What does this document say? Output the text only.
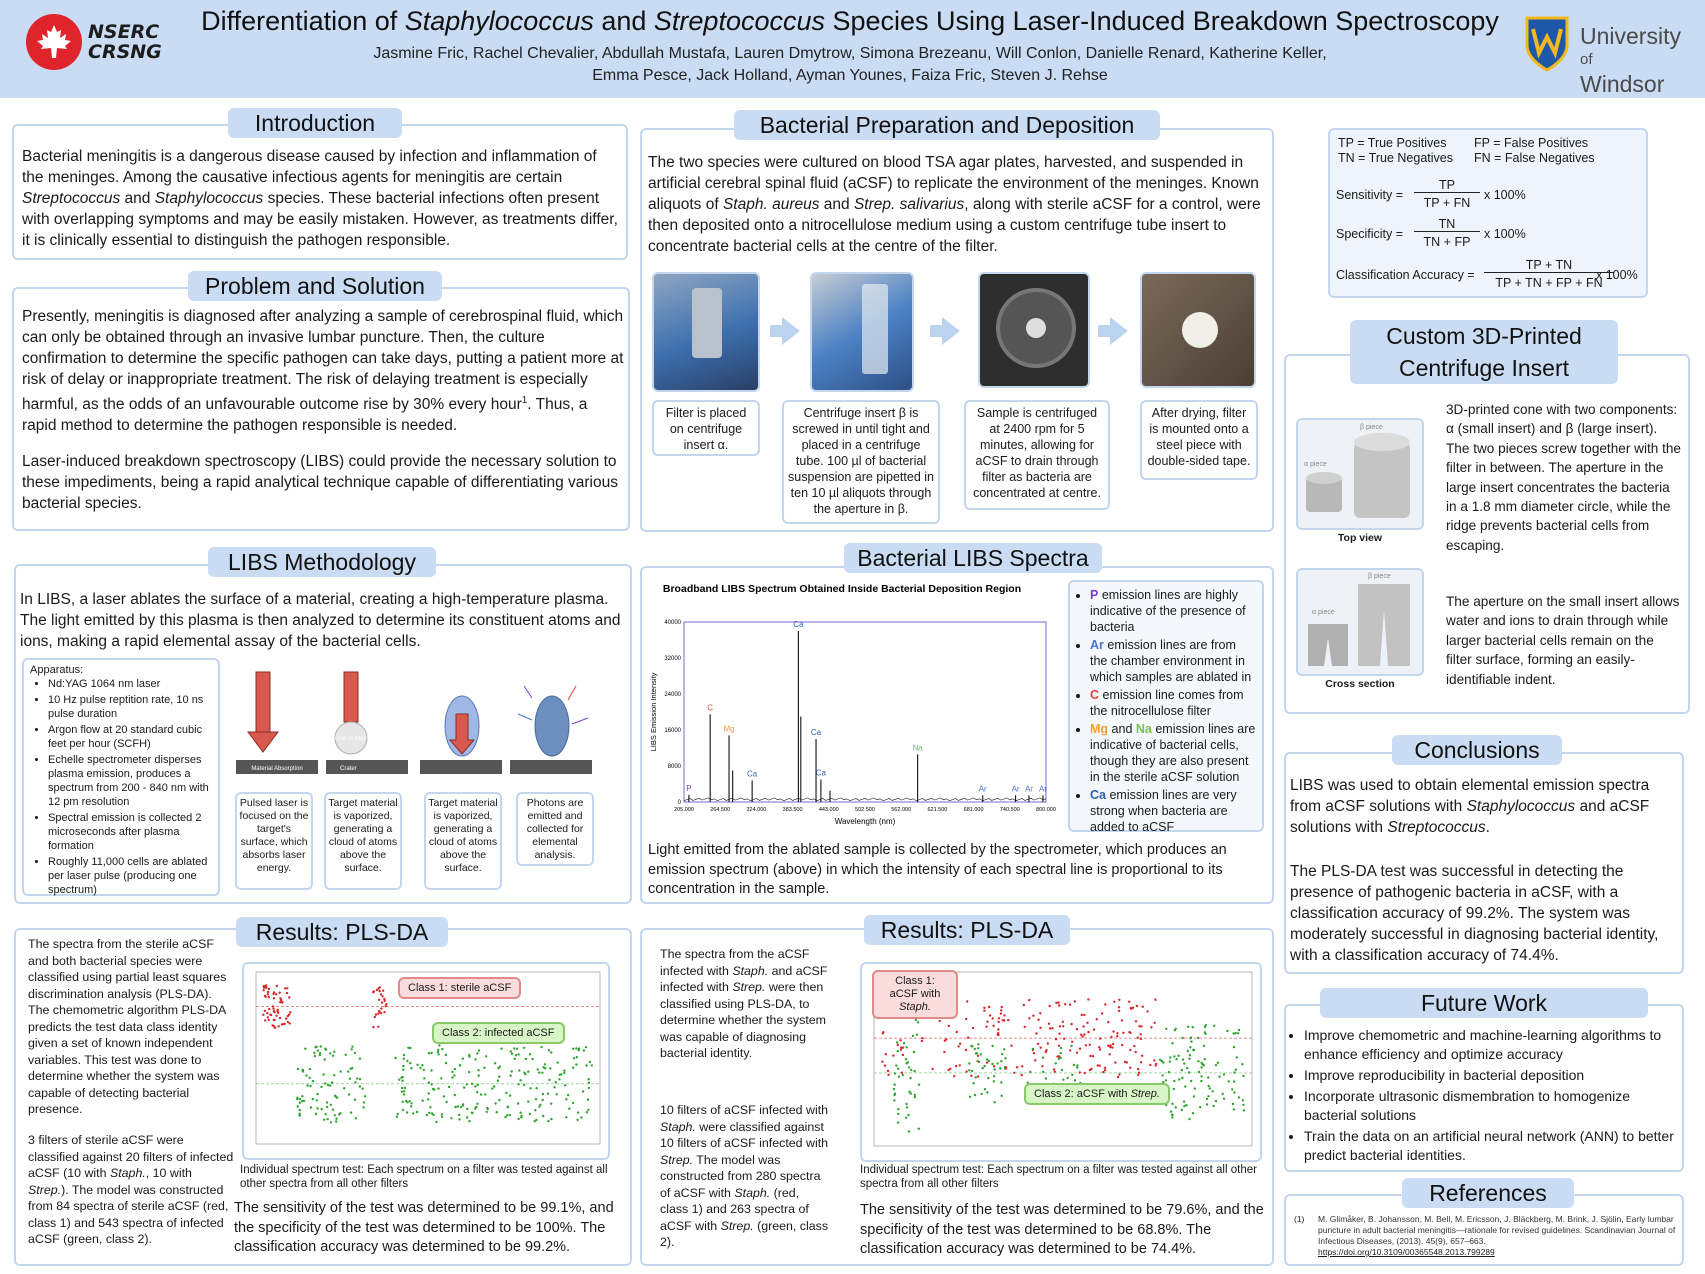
NSERC
CRSNG
Differentiation of Staphylococcus and Streptococcus Species Using Laser-Induced Breakdown Spectroscopy
Jasmine Fric, Rachel Chevalier, Abdullah Mustafa, Lauren Dmytrow, Simona Brezeanu, Will Conlon, Danielle Renard, Katherine Keller,
Emma Pesce, Jack Holland, Ayman Younes, Faiza Fric, Steven J. Rehse
University
of
Windsor
Introduction
Bacterial meningitis is a dangerous disease caused by infection and inflammation of the meninges. Among the causative infectious agents for meningitis are certain Streptococcus and Staphylococcus species. These bacterial infections often present with overlapping symptoms and may be easily mistaken. However, as treatments differ, it is clinically essential to distinguish the pathogen responsible.
Problem and Solution
Presently, meningitis is diagnosed after analyzing a sample of cerebrospinal fluid, which can only be obtained through an invasive lumbar puncture. Then, the culture confirmation to determine the specific pathogen can take days, putting a patient more at risk of delay or inappropriate treatment. The risk of delaying treatment is especially harmful, as the odds of an unfavourable outcome rise by 30% every hour$^1$. Thus, a rapid method to determine the pathogen responsible is needed.
Laser-induced breakdown spectroscopy (LIBS) could provide the necessary solution to these impediments, being a rapid analytical technique capable of differentiating various bacterial species.
LIBS Methodology
In LIBS, a laser ablates the surface of a material, creating a high-temperature plasma. The light emitted by this plasma is then analyzed to determine its constituent atoms and ions, making a rapid elemental assay of the bacterial cells.
Apparatus:
• Nd:YAG 1064 nm laser
• 10 Hz pulse reptition rate, 10 ns pulse duration
• Argon flow at 20 standard cubic feet per hour (SCFH)
• Echelle spectrometer disperses plasma emission, produces a spectrum from 200 - 840 nm with 12 pm resolution
• Spectral emission is collected 2 microseconds after plasma formation
• Roughly 11,000 cells are ablated per laser pulse (producing one spectrum)
Material Absorption
Cloud of Atoms
Crater
Pulsed laser is focused on the target's surface, which absorbs laser energy.
Target material is vaporized, generating a cloud of atoms above the surface.
Target material is vaporized, generating a cloud of atoms above the surface.
Photons are emitted and collected for elemental analysis.
Bacterial Preparation and Deposition
The two species were cultured on blood TSA agar plates, harvested, and suspended in artificial cerebral spinal fluid (aCSF) to replicate the environment of the meninges. Known aliquots of Staph. aureus and Strep. salivarius, along with sterile aCSF for a control, were then deposited onto a nitrocellulose medium using a custom centrifuge tube insert to concentrate bacterial cells at the centre of the filter.
Filter is placed on centrifuge insert α.
Centrifuge insert β is screwed in until tight and placed in a centrifuge tube. 100 µl of bacterial suspension are pipetted in ten 10 µl aliquots through the aperture in β.
Sample is centrifuged at 2400 rpm for 5 minutes, allowing for aCSF to drain through filter as bacteria are concentrated at centre.
After drying, filter is mounted onto a steel piece with double-sided tape.
Bacterial LIBS Spectra
Broadband LIBS Spectrum Obtained Inside Bacterial Deposition Region
0
8000
16000
24000
32000
40000
205.000	264.500	324.000	383.500	443.000	502.500	562.000	621.500	681.000	740.500	800.000
Wavelength (nm)
LIBS Emission Intensity
P
C
Mg
Ca
Ca
Ca
Ca
Na
Ar	Ar Ar Ar
• P emission lines are highly indicative of the presence of bacteria
• Ar emission lines are from the chamber environment in which samples are ablated in
• C emission line comes from the nitrocellulose filter
• Mg and Na emission lines are indicative of bacterial cells, though they are also present in the sterile aCSF solution
• Ca emission lines are very strong when bacteria are added to aCSF
Light emitted from the ablated sample is collected by the spectrometer, which produces an emission spectrum (above) in which the intensity of each spectral line is proportional to its concentration in the sample.
Results: PLS-DA
The spectra from the sterile aCSF and both bacterial species were classified using partial least squares discrimination analysis (PLS-DA). The chemometric algorithm PLS-DA predicts the test data class identity given a set of known independent variables. This test was done to determine whether the system was capable of detecting bacterial presence.
3 filters of sterile aCSF were classified against 20 filters of infected aCSF (10 with Staph., 10 with Strep.). The model was constructed from 84 spectra of sterile aCSF (red, class 1) and 543 spectra of infected aCSF (green, class 2).
Class 1: sterile aCSF
Class 2: infected aCSF
Individual spectrum test: Each spectrum on a filter was tested against all other spectra from all other filters
The sensitivity of the test was determined to be 99.1%, and the specificity of the test was determined to be 100%. The classification accuracy was determined to be 99.2%.
Results: PLS-DA
The spectra from the aCSF infected with Staph. and aCSF infected with Strep. were then classified using PLS-DA, to determine whether the system was capable of diagnosing bacterial identity.
10 filters of aCSF infected with Staph. were classified against 10 filters of aCSF infected with Strep. The model was constructed from 280 spectra of aCSF with Staph. (red, class 1) and 263 spectra of aCSF with Strep. (green, class 2).
Class 1: aCSF with
Staph.
Class 2: aCSF with Strep.
Individual spectrum test: Each spectrum on a filter was tested against all other spectra from all other filters
The sensitivity of the test was determined to be 79.6%, and the specificity of the test was determined to be 68.8%. The classification accuracy was determined to be 74.4%.
TP = True Positives FP = False Positives
TN = True Negatives FN = False Negatives
Sensitivity =
TP
TP + FN
x 100%
Specificity =
TN
TN + FP
x 100%
Classification Accuracy =
TP + TN
TP + TN + FP + FN
x 100%
Custom 3D-Printed
Centrifuge Insert
β piece
α piece
Top view
β piece
α piece
Cross section
3D-printed cone with two components: α (small insert) and β (large insert). The two pieces screw together with the filter in between. The aperture in the large insert concentrates the bacteria in a 1.8 mm diameter circle, while the ridge prevents bacterial cells from escaping.
The aperture on the small insert allows water and ions to drain through while larger bacterial cells remain on the filter surface, forming an easily-identifiable indent.
Conclusions
LIBS was used to obtain elemental emission spectra from aCSF solutions with Staphylococcus and aCSF solutions with Streptococcus.
The PLS-DA test was successful in detecting the presence of pathogenic bacteria in aCSF, with a classification accuracy of 99.2%. The system was moderately successful in diagnosing bacterial identity, with a classification accuracy of 74.4%.
Future Work
• Improve chemometric and machine-learning algorithms to enhance efficiency and optimize accuracy
• Improve reproducibility in bacterial deposition
• Incorporate ultrasonic dismembration to homogenize bacterial solutions
• Train the data on an artificial neural network (ANN) to better predict bacterial identities.
References
(1) M. Glimåker, B. Johansson, M. Bell, M. Ericsson, J. Bläckberg, M. Brink, J. Sjölin, Early lumbar puncture in adult bacterial meningitis—rationale for revised guidelines. Scandinavian Journal of Infectious Diseases, (2013). 45(9), 657–663.
https://doi.org/10.3109/00365548.2013.799289
